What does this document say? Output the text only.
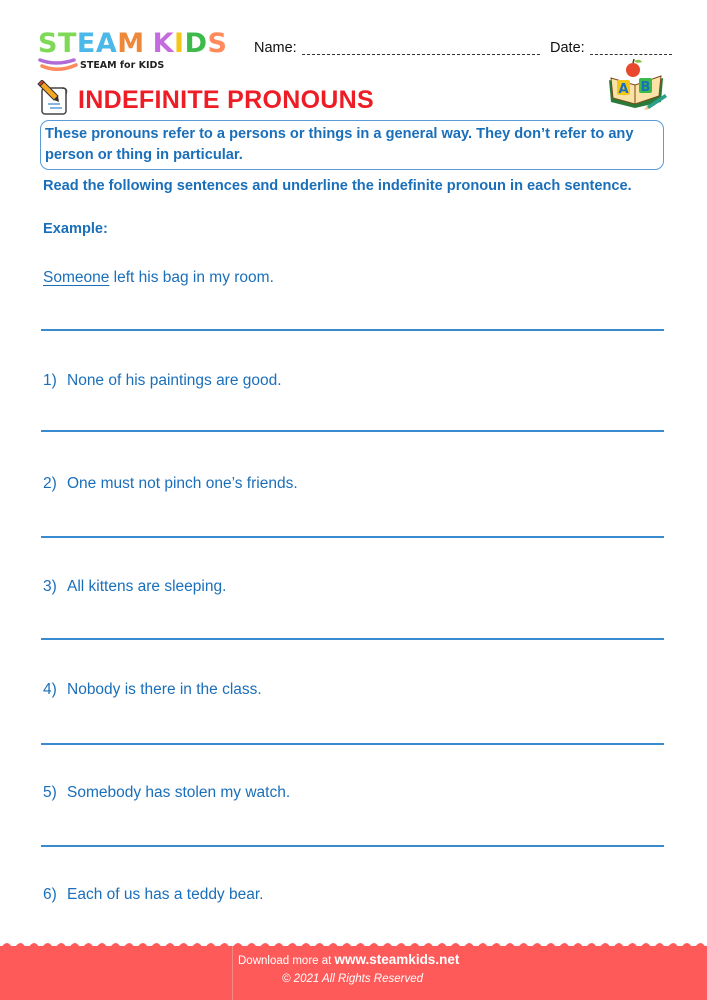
STEAM KIDS
STEAM for KIDS
Name:	Date:
A B
INDEFINITE PRONOUNS
These pronouns refer to a persons or things in a general way. They don’t refer to any person or thing in particular.
Read the following sentences and underline the indefinite pronoun in each sentence.
Example:
Someone left his bag in my room.
1) None of his paintings are good.
2) One must not pinch one’s friends.
3) All kittens are sleeping.
4) Nobody is there in the class.
5) Somebody has stolen my watch.
6) Each of us has a teddy bear.
Download more at www.steamkids.net
© 2021 All Rights Reserved
